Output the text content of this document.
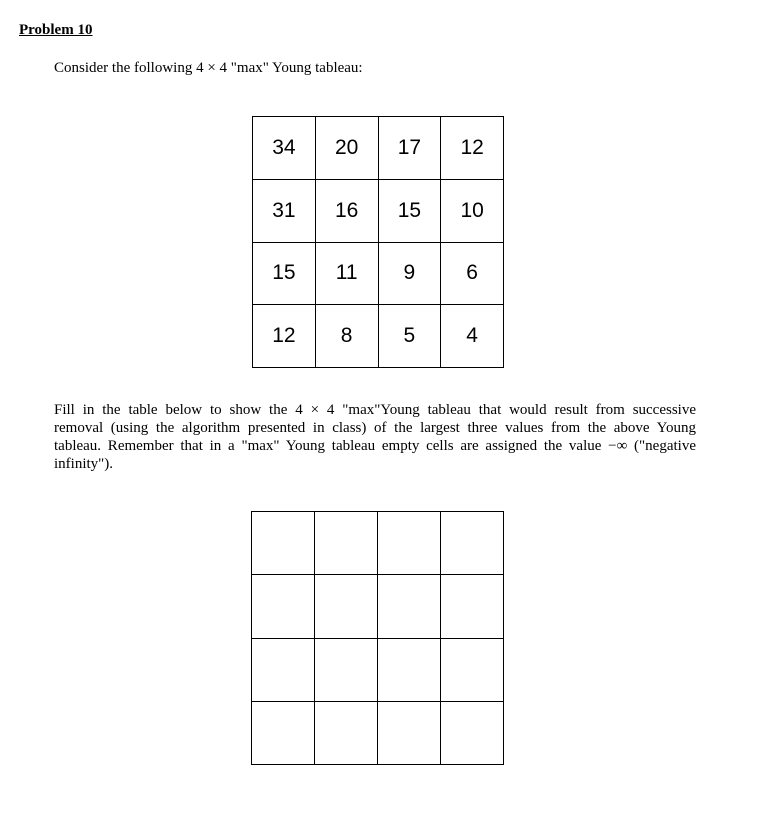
Problem 10

Consider the following 4 × 4 "max" Young tableau:

34	20	17	12
31	16	15	10
15	11	9	6
12	8	5	4

Fill in the table below to show the 4 × 4 "max"Young tableau that would result from successive
removal (using the algorithm presented in class) of the largest three values from the above Young
tableau. Remember that in a "max" Young tableau empty cells are assigned the value −∞ ("negative
infinity").
